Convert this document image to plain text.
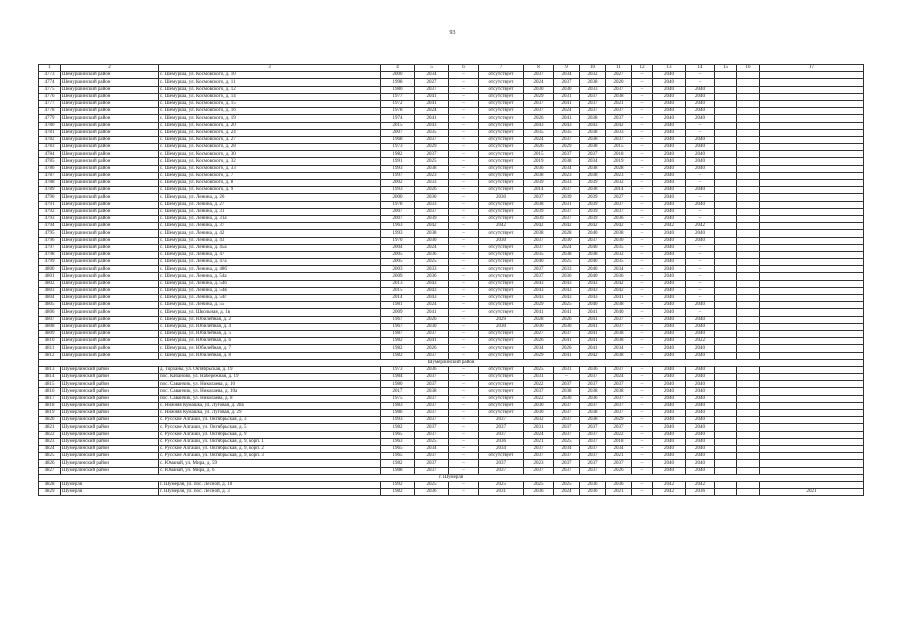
93
1	2	3	4	5	6	7	8	9	10	11	12	13	14	15	16	17
4773	Шемуршинский район	с. Шемурша, ул. Космовского, д. 10	2000	2034	–	отсутствует	2037	2034	2032	2027	–	2040	–			
4774	Шемуршинский район	с. Шемурша, ул. Космовского, д. 11	1998	2027	–	отсутствует	2024	2037	2038	2020	–	2040	–			
4775	Шемуршинский район	с. Шемурша, ул. Космовского, д. 12	1980	2037	–	отсутствует	2030	2030	2033	2037	–	2040	2040			
4776	Шемуршинский район	с. Шемурша, ул. Космовского, д. 14	1977	2041	–	отсутствует	2029	2031	2037	2038	–	2040	2040			
4777	Шемуршинский район	с. Шемурша, ул. Космовского, д. 15	1972	2041	–	отсутствует	2037	2041	2037	2021	–	2040	2040			
4778	Шемуршинский район	с. Шемурша, ул. Космовского, д. 16	1978	2024	–	отсутствует	2037	2024	2037	2037	–	2040	2040			
4779	Шемуршинский район	с. Шемурша, ул. Космовского, д. 19	1974	2041	–	отсутствует	2026	2041	2038	2037	–	2040	2040			
4780	Шемуршинский район	с. Шемурша, ул. Космовского, д. 20	2015	2043	–	отсутствует	2043	2043	2043	2042	–	2040	–			
4781	Шемуршинский район	с. Шемурша, ул. Космовского, д. 24	2007	2035	–	отсутствует	2035	2035	2038	2033	–	2040	–			
4782	Шемуршинский район	с. Шемурша, ул. Космовского, д. 27	1968	2037	–	отсутствует	2024	2037	2038	2037	–	2040	2040			
4783	Шемуршинский район	с. Шемурша, ул. Космовского, д. 28	1973	2029	–	отсутствует	2026	2029	2038	2015	–	2040	2040			
4784	Шемуршинский район	с. Шемурша, ул. Космовского, д. 30	1982	2037	–	отсутствует	2015	2037	2037	2018	–	2040	2040			
4785	Шемуршинский район	с. Шемурша, ул. Космовского, д. 32	1991	2025	–	отсутствует	2019	2038	2034	2019	–	2040	2040			
4786	Шемуршинский район	с. Шемурша, ул. Космовского, д. 33	1993	2038	–	отсутствует	2036	2034	2038	2028	–	2040	2040			
4787	Шемуршинский район	с. Шемурша, ул. Космовского, д. 7	1997	2023	–	отсутствует	2038	2023	2038	2023	–	2040	–			
4788	Шемуршинский район	с. Шемурша, ул. Космовского, д. 8	2002	2033	–	отсутствует	2039	2033	2039	2032	–	2040	–			
4789	Шемуршинский район	с. Шемурша, ул. Космовского, д. 9	1993	2026	–	отсутствует	2014	2037	2038	2014	–	2040	2040			
4790	Шемуршинский район	с. Шемурша, ул. Ленина, д. 26	2000	2030	–	2030	2037	2039	2039	2027	–	2040	–			
4791	Шемуршинский район	с. Шемурша, ул. Ленина, д. 27	1978	2033	–	отсутствует	2038	2031	2039	2037	–	2040	2040			
4792	Шемуршинский район	с. Шемурша, ул. Ленина, д. 31	2007	2037	–	отсутствует	2039	2037	2039	2037	–	2040	–			
4793	Шемуршинский район	с. Шемурша, ул. Ленина, д. 31а	2007	2039	–	отсутствует	2039	2037	2039	2036	–	2040	–			
4794	Шемуршинский район	с. Шемурша, ул. Ленина, д. 37	1963	2042	–	2042	2042	2042	2042	2042	–	2042	2042			
4795	Шемуршинский район	с. Шемурша, ул. Ленина, д. 42	1993	2038	–	отсутствует	2038	2028	2040	2038	–	2040	2040			
4796	Шемуршинский район	с. Шемурша, ул. Ленина, д. 43	1970	2030	–	2030	2037	2030	2037	2030	–	2040	2040			
4797	Шемуршинский район	с. Шемурша, ул. Ленина, д. 45а	2004	2024	–	отсутствует	2037	2024	2040	2035	–	2040	–			
4798	Шемуршинский район	с. Шемурша, ул. Ленина, д. 47	2005	2036	–	отсутствует	2035	2038	2038	2032	–	2040	–			
4799	Шемуршинский район	с. Шемурша, ул. Ленина, д. 47а	2005	2025	–	отсутствует	2040	2025	2040	2035	–	2040	–			
4800	Шемуршинский район	с. Шемурша, ул. Ленина, д. 48б	2003	2033	–	отсутствует	2037	2033	2040	2034	–	2040	–			
4801	Шемуршинский район	с. Шемурша, ул. Ленина, д. 54а	2009	2036	–	отсутствует	2037	2036	2040	2036	–	2040	–			
4802	Шемуршинский район	с. Шемурша, ул. Ленина, д. 54б	2013	2043	–	отсутствует	2043	2043	2043	2042	–	2040	–			
4803	Шемуршинский район	с. Шемурша, ул. Ленина, д. 54в	2015	2043	–	отсутствует	2043	2043	2043	2042	–	2040	–			
4804	Шемуршинский район	с. Шемурша, ул. Ленина, д. 54г	2014	2043	–	отсутствует	2043	2043	2043	2041	–	2040	–			
4805	Шемуршинский район	с. Шемурша, ул. Ленина, д. 55	1981	2024	–	отсутствует	2029	2025	2040	2038	–	2040	2040			
4806	Шемуршинский район	с. Шемурша, ул. Школьная, д. 1в	2009	2041	–	отсутствует	2041	2041	2041	2040	–	2040	–			
4807	Шемуршинский район	с. Шемурша, ул. Юбилейная, д. 2	1967	2026	–	2029	2028	2026	2041	2037	–	2040	2040			
4808	Шемуршинский район	с. Шемурша, ул. Юбилейная, д. 4	1967	2030	–	2030	2030	2030	2041	2037	–	2040	2040			
4809	Шемуршинский район	с. Шемурша, ул. Юбилейная, д. 5	1987	2037	–	отсутствует	2027	2037	2041	2038	–	2040	2040			
4810	Шемуршинский район	с. Шемурша, ул. Юбилейная, д. 6	1982	2041	–	отсутствует	2026	2041	2041	2038	–	2040	2022			
4811	Шемуршинский район	с. Шемурша, ул. Юбилейная, д. 7	1982	2026	–	отсутствует	2034	2026	2041	2034	–	2040	2040			
4812	Шемуршинский район	с. Шемурша, ул. Юбилейная, д. 8	1982	2037	–	отсутствует	2029	2041	2042	2038	–	2040	2040			
Шумерлинский район																
4813	Шумерлинский район	д. Торханы, ул. Октябрьская, д. 19	1973	2036	–	отсутствует	2025	2031	2036	2037	–	2040	2040			
4814	Шумерлинский район	пос. Кабаново, ул. Набережная, д. 19	1984	2037	–	отсутствует	2031	–	2037	2024	–	2040	2040			
4815	Шумерлинский район	пос. Саванчик, ул. Николаева, д. 10	1980	2037	–	отсутствует	2022	2037	2037	2037	–	2040	2040			
4816	Шумерлинский район	пос. Саванчик, ул. Николаева, д. 10а	2017	2038	–	отсутствует	2037	2038	2038	2038	–	2040	2040			
4817	Шумерлинский район	пос. Саванчик, ул. Николаева, д. 8	1975	2037	–	отсутствует	2022	2030	2036	2037	–	2040	2040			
4818	Шумерлинский район	с. Нижняя Кумашка, ул. Луговая, д. 28а	1983	2037	–	отсутствует	2030	2037	2037	2037	–	2040	2040			
4819	Шумерлинский район	с. Нижняя Кумашка, ул. Луговая, д. 29	1986	2037	–	отсутствует	2030	2037	2038	2037	–	2040	2040			
4820	Шумерлинский район	с. Русские Алгаши, ул. Октябрьская, д. 3	1993	2037	–	2037	2032	2037	2038	2029	–	2040	2040			
4821	Шумерлинский район	с. Русские Алгаши, ул. Октябрьская, д. 5	1982	2037	–	2037	2031	2037	2037	2037	–	2040	2040			
4822	Шумерлинский район	с. Русские Алгаши, ул. Октябрьская, д. 9	1965	2037	–	2037	2024	2037	2037	2022	–	2040	2040			
4823	Шумерлинский район	с. Русские Алгаши, ул. Октябрьская, д. 9, корп. 1	1963	2025	–	2036	2021	2025	2037	2018	–	2040	2040			
4824	Шумерлинский район	с. Русские Алгаши, ул. Октябрьская, д. 9, корп. 2	1965	2034	–	2034	2037	2034	2037	2034	–	2040	2040			
4825	Шумерлинский район	с. Русские Алгаши, ул. Октябрьская, д. 9, корп. 3	1965	2037	–	отсутствует	2037	2037	2037	2021	–	2040	2040			
4826	Шумерлинский район	с. Юманай, ул. Мира, д. 59	1982	2037	–	2037	2023	2037	2037	2037	–	2040	2040			
4827	Шумерлинский район	с. Юманай, ул. Мира, д. 6	1988	2037	–	2037	2037	2037	2037	2026	–	2040	2040			
г. Шумерля																
4828	Шумерля	г. Шумерля, ул. пос. Лесной, д. 10	1992	2025	–	2025	2025	2025	2036	2036	–	2042	2042			
4829	Шумерля	г. Шумерля, ул. пос. Лесной, д. 3	1982	2036	–	2031	2036	2024	2036	2021	–	2042	2036			2021
